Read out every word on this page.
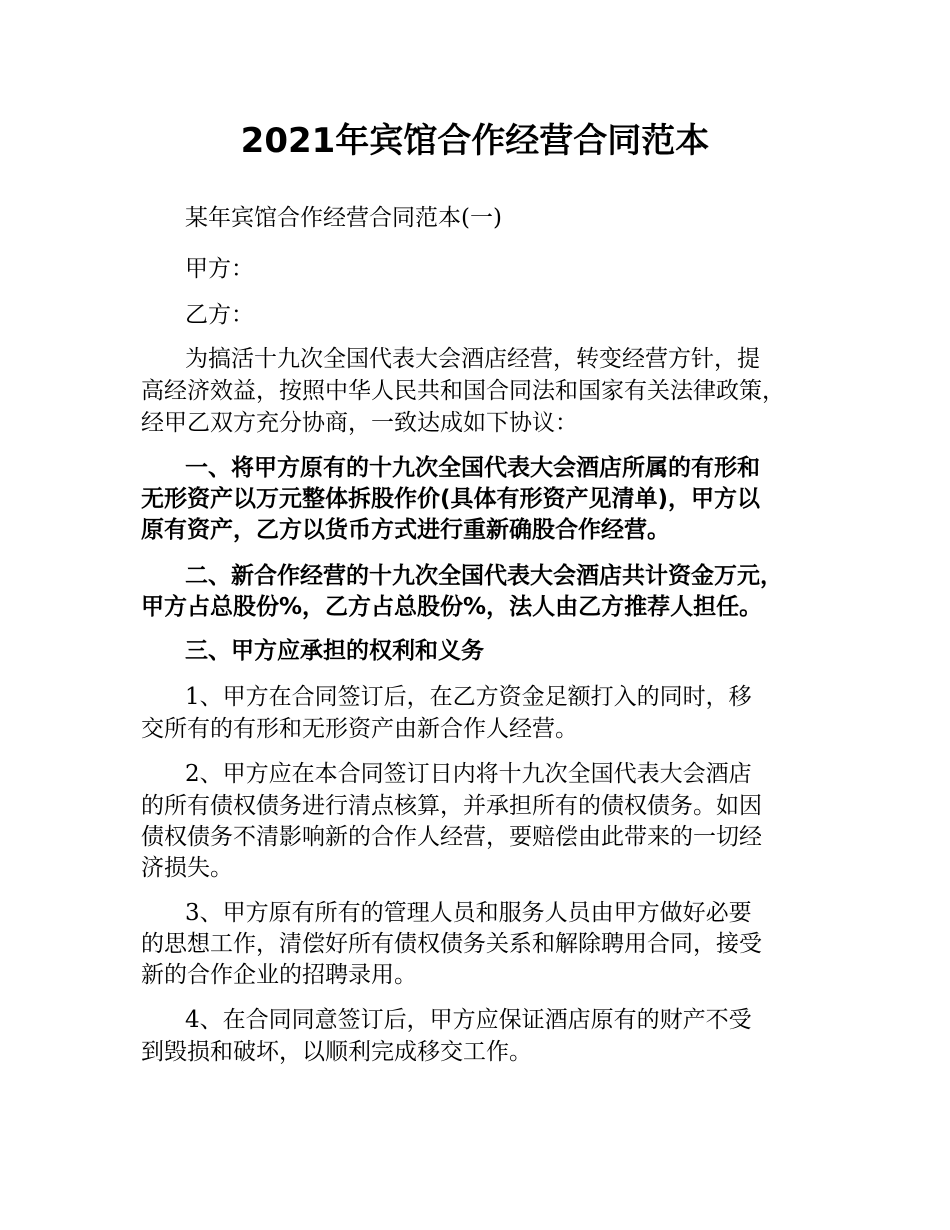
2021年宾馆合作经营合同范本
某年宾馆合作经营合同范本(一)
甲方：
乙方：
为搞活十九次全国代表大会酒店经营，转变经营方针，提
高经济效益，按照中华人民共和国合同法和国家有关法律政策，
经甲乙双方充分协商，一致达成如下协议：
一、将甲方原有的十九次全国代表大会酒店所属的有形和
无形资产以万元整体拆股作价(具体有形资产见清单)，甲方以
原有资产，乙方以货币方式进行重新确股合作经营。
二、新合作经营的十九次全国代表大会酒店共计资金万元，
甲方占总股份%，乙方占总股份%，法人由乙方推荐人担任。
三、甲方应承担的权利和义务
1、甲方在合同签订后，在乙方资金足额打入的同时，移
交所有的有形和无形资产由新合作人经营。
2、甲方应在本合同签订日内将十九次全国代表大会酒店
的所有债权债务进行清点核算，并承担所有的债权债务。如因
债权债务不清影响新的合作人经营，要赔偿由此带来的一切经
济损失。
3、甲方原有所有的管理人员和服务人员由甲方做好必要
的思想工作，清偿好所有债权债务关系和解除聘用合同，接受
新的合作企业的招聘录用。
4、在合同同意签订后，甲方应保证酒店原有的财产不受
到毁损和破坏，以顺利完成移交工作。
